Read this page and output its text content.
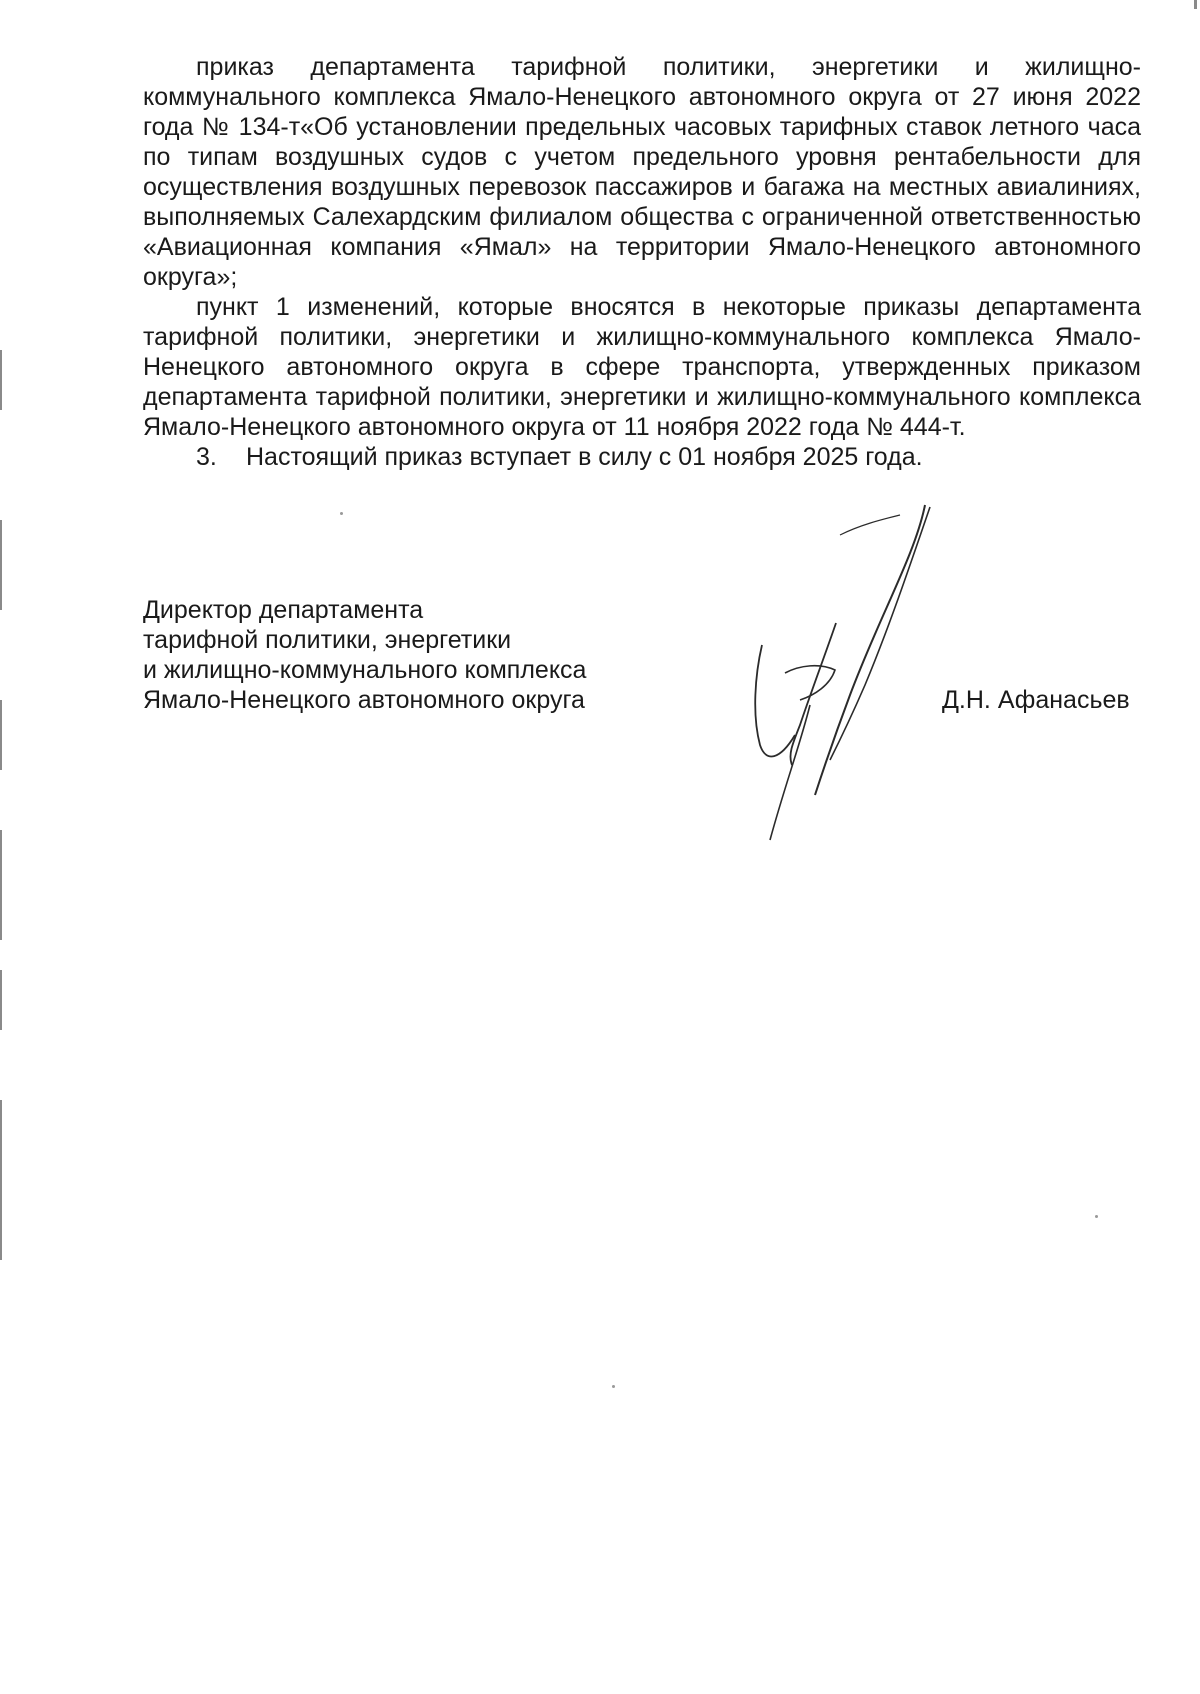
приказ департамента тарифной политики, энергетики и жилищно-коммунального комплекса Ямало-Ненецкого автономного округа от 27 июня 2022 года № 134-т«Об установлении предельных часовых тарифных ставок летного часа по типам воздушных судов с учетом предельного уровня рентабельности для осуществления воздушных перевозок пассажиров и багажа на местных авиалиниях, выполняемых Салехардским филиалом общества с ограниченной ответственностью «Авиационная компания «Ямал» на территории Ямало-Ненецкого автономного округа»;

пункт 1 изменений, которые вносятся в некоторые приказы департамента тарифной политики, энергетики и жилищно-коммунального комплекса Ямало-Ненецкого автономного округа в сфере транспорта, утвержденных приказом департамента тарифной политики, энергетики и жилищно-коммунального комплекса Ямало-Ненецкого автономного округа от 11 ноября 2022 года № 444-т.

3. Настоящий приказ вступает в силу с 01 ноября 2025 года.

Директор департамента
тарифной политики, энергетики
и жилищно-коммунального комплекса
Ямало-Ненецкого автономного округа	Д.Н. Афанасьев
